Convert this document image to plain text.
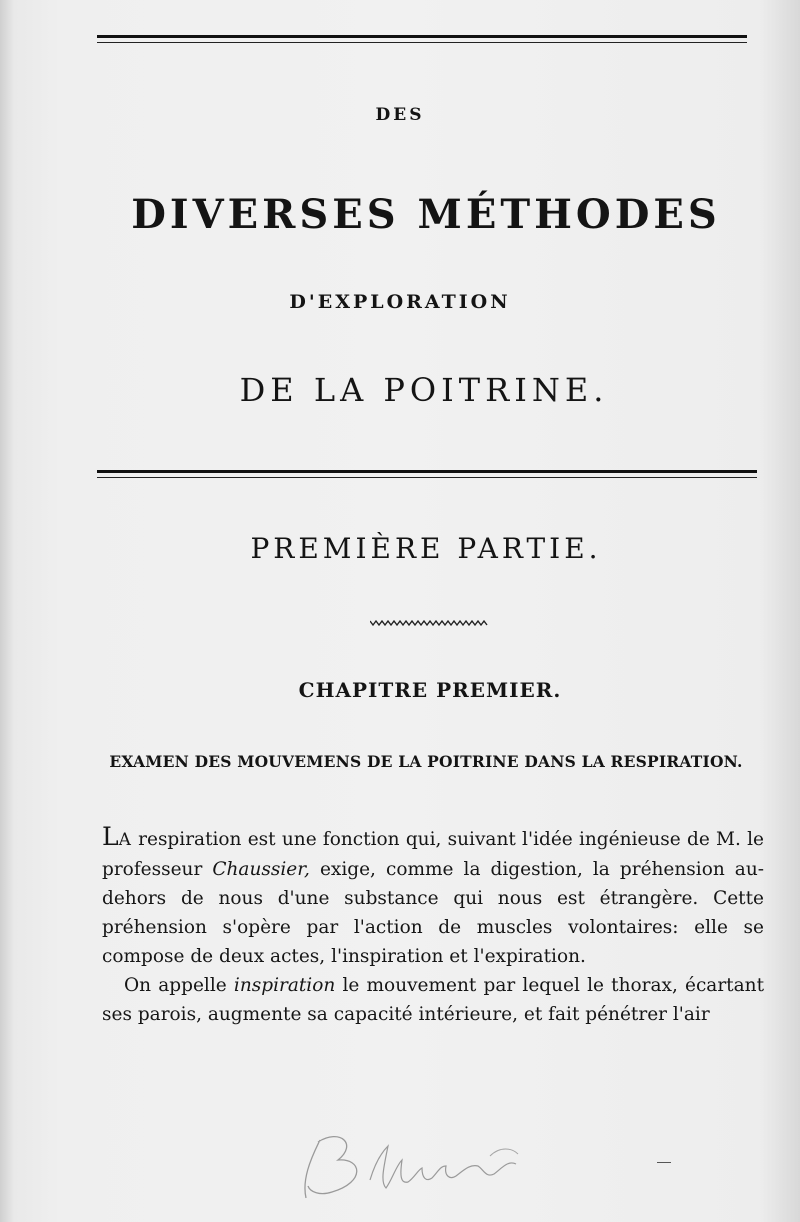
DES
DIVERSES MÉTHODES
D'EXPLORATION
DE LA POITRINE.
PREMIÈRE PARTIE.
CHAPITRE PREMIER.
EXAMEN DES MOUVEMENS DE LA POITRINE DANS LA RESPIRATION.

LA respiration est une fonction qui, suivant l'idée ingénieuse de M. le professeur Chaussier, exige, comme la digestion, la préhension au-dehors de nous d'une substance qui nous est étrangère. Cette préhension s'opère par l'action de muscles volontaires: elle se compose de deux actes, l'inspiration et l'expiration.

On appelle inspiration le mouvement par lequel le thorax, écartant ses parois, augmente sa capacité intérieure, et fait pénétrer l'air
